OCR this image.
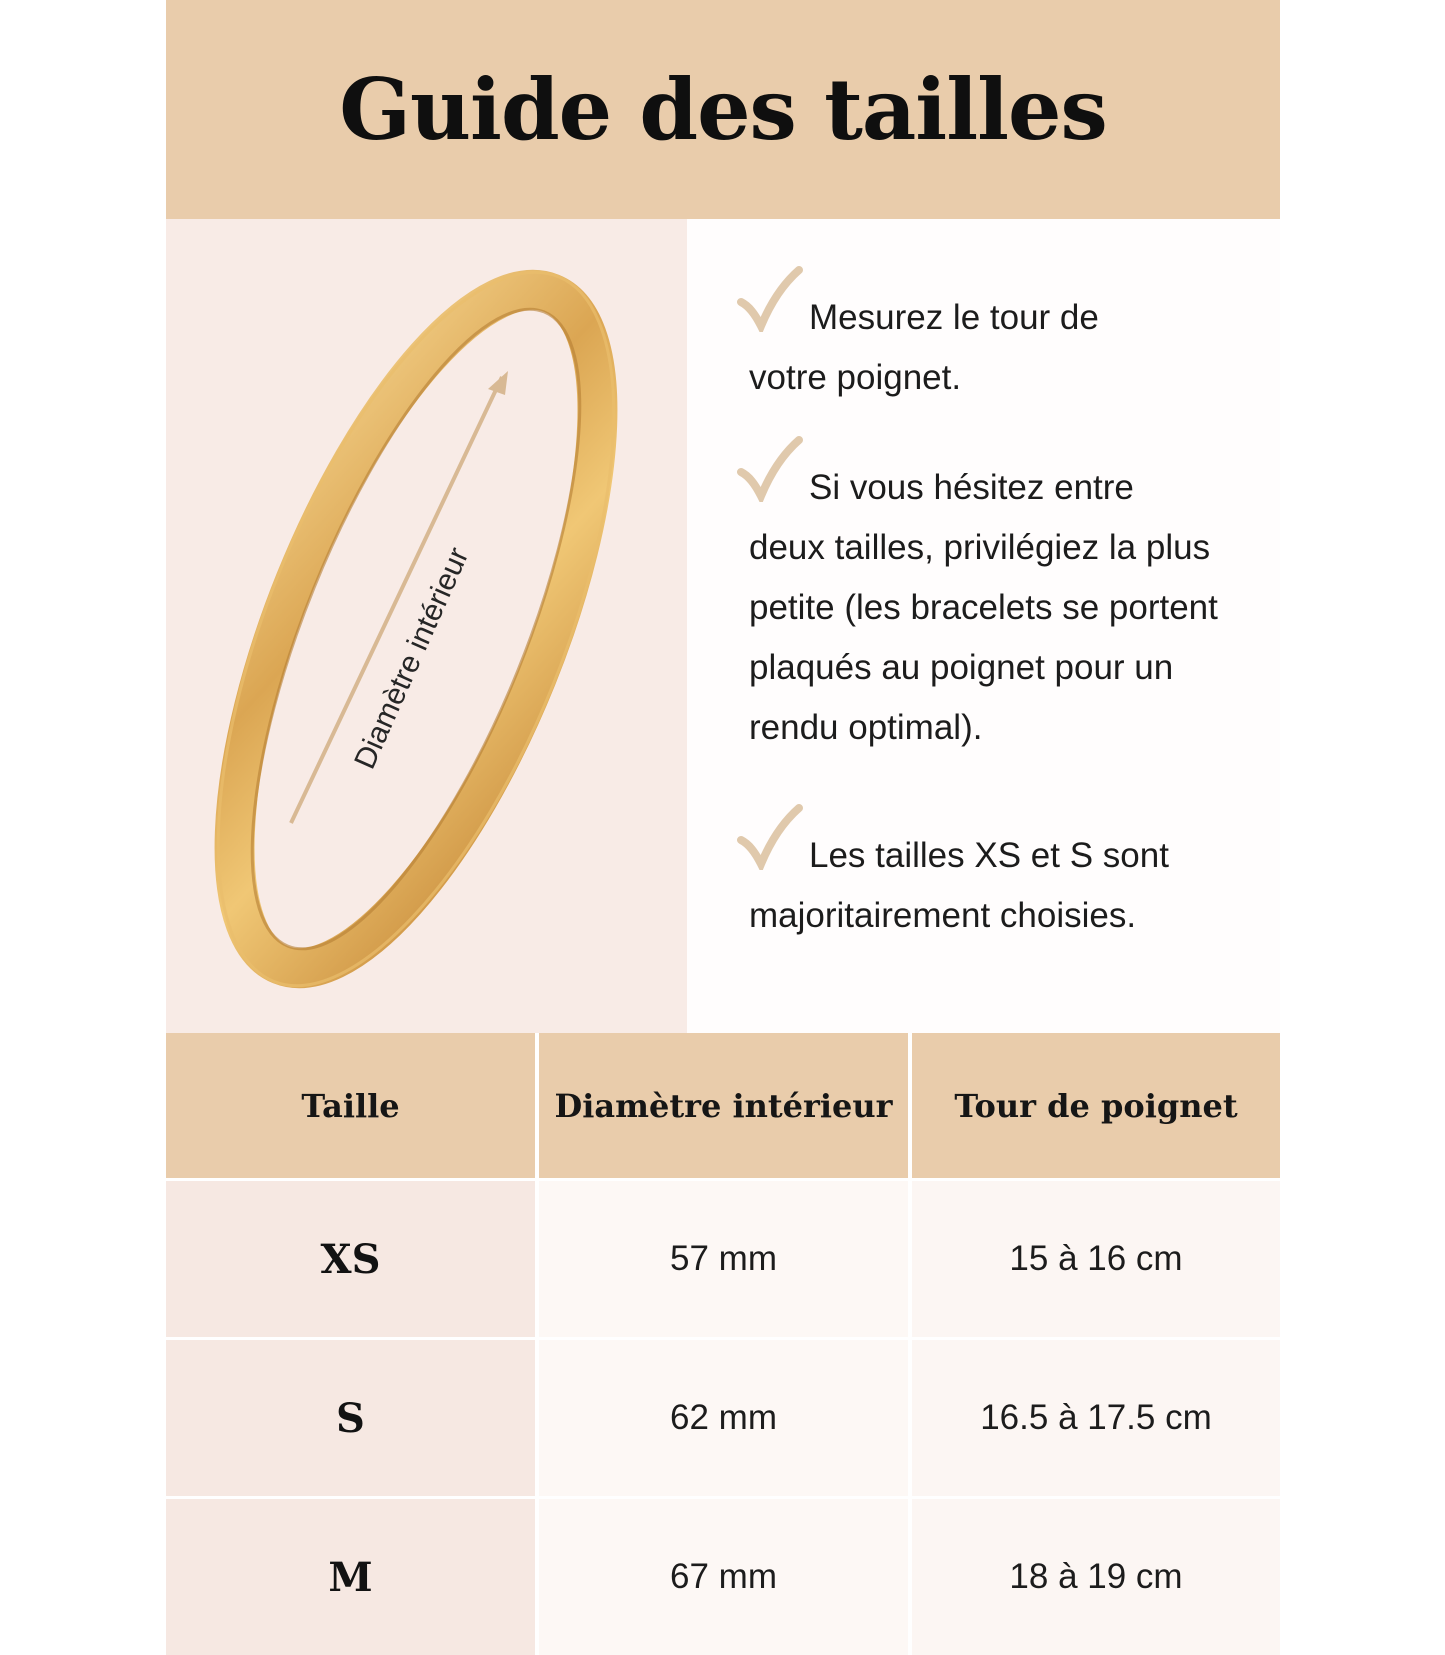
Guide des tailles
Diamètre intérieur
Mesurez le tour de
votre poignet.
Si vous hésitez entre
deux tailles, privilégiez la plus petite (les bracelets se portent plaqués au poignet pour un rendu optimal).
Les tailles XS et S sont
majoritairement choisies.
Taille	Diamètre intérieur	Tour de poignet
XS	57 mm	15 à 16 cm
S	62 mm	16.5 à 17.5 cm
M	67 mm	18 à 19 cm
